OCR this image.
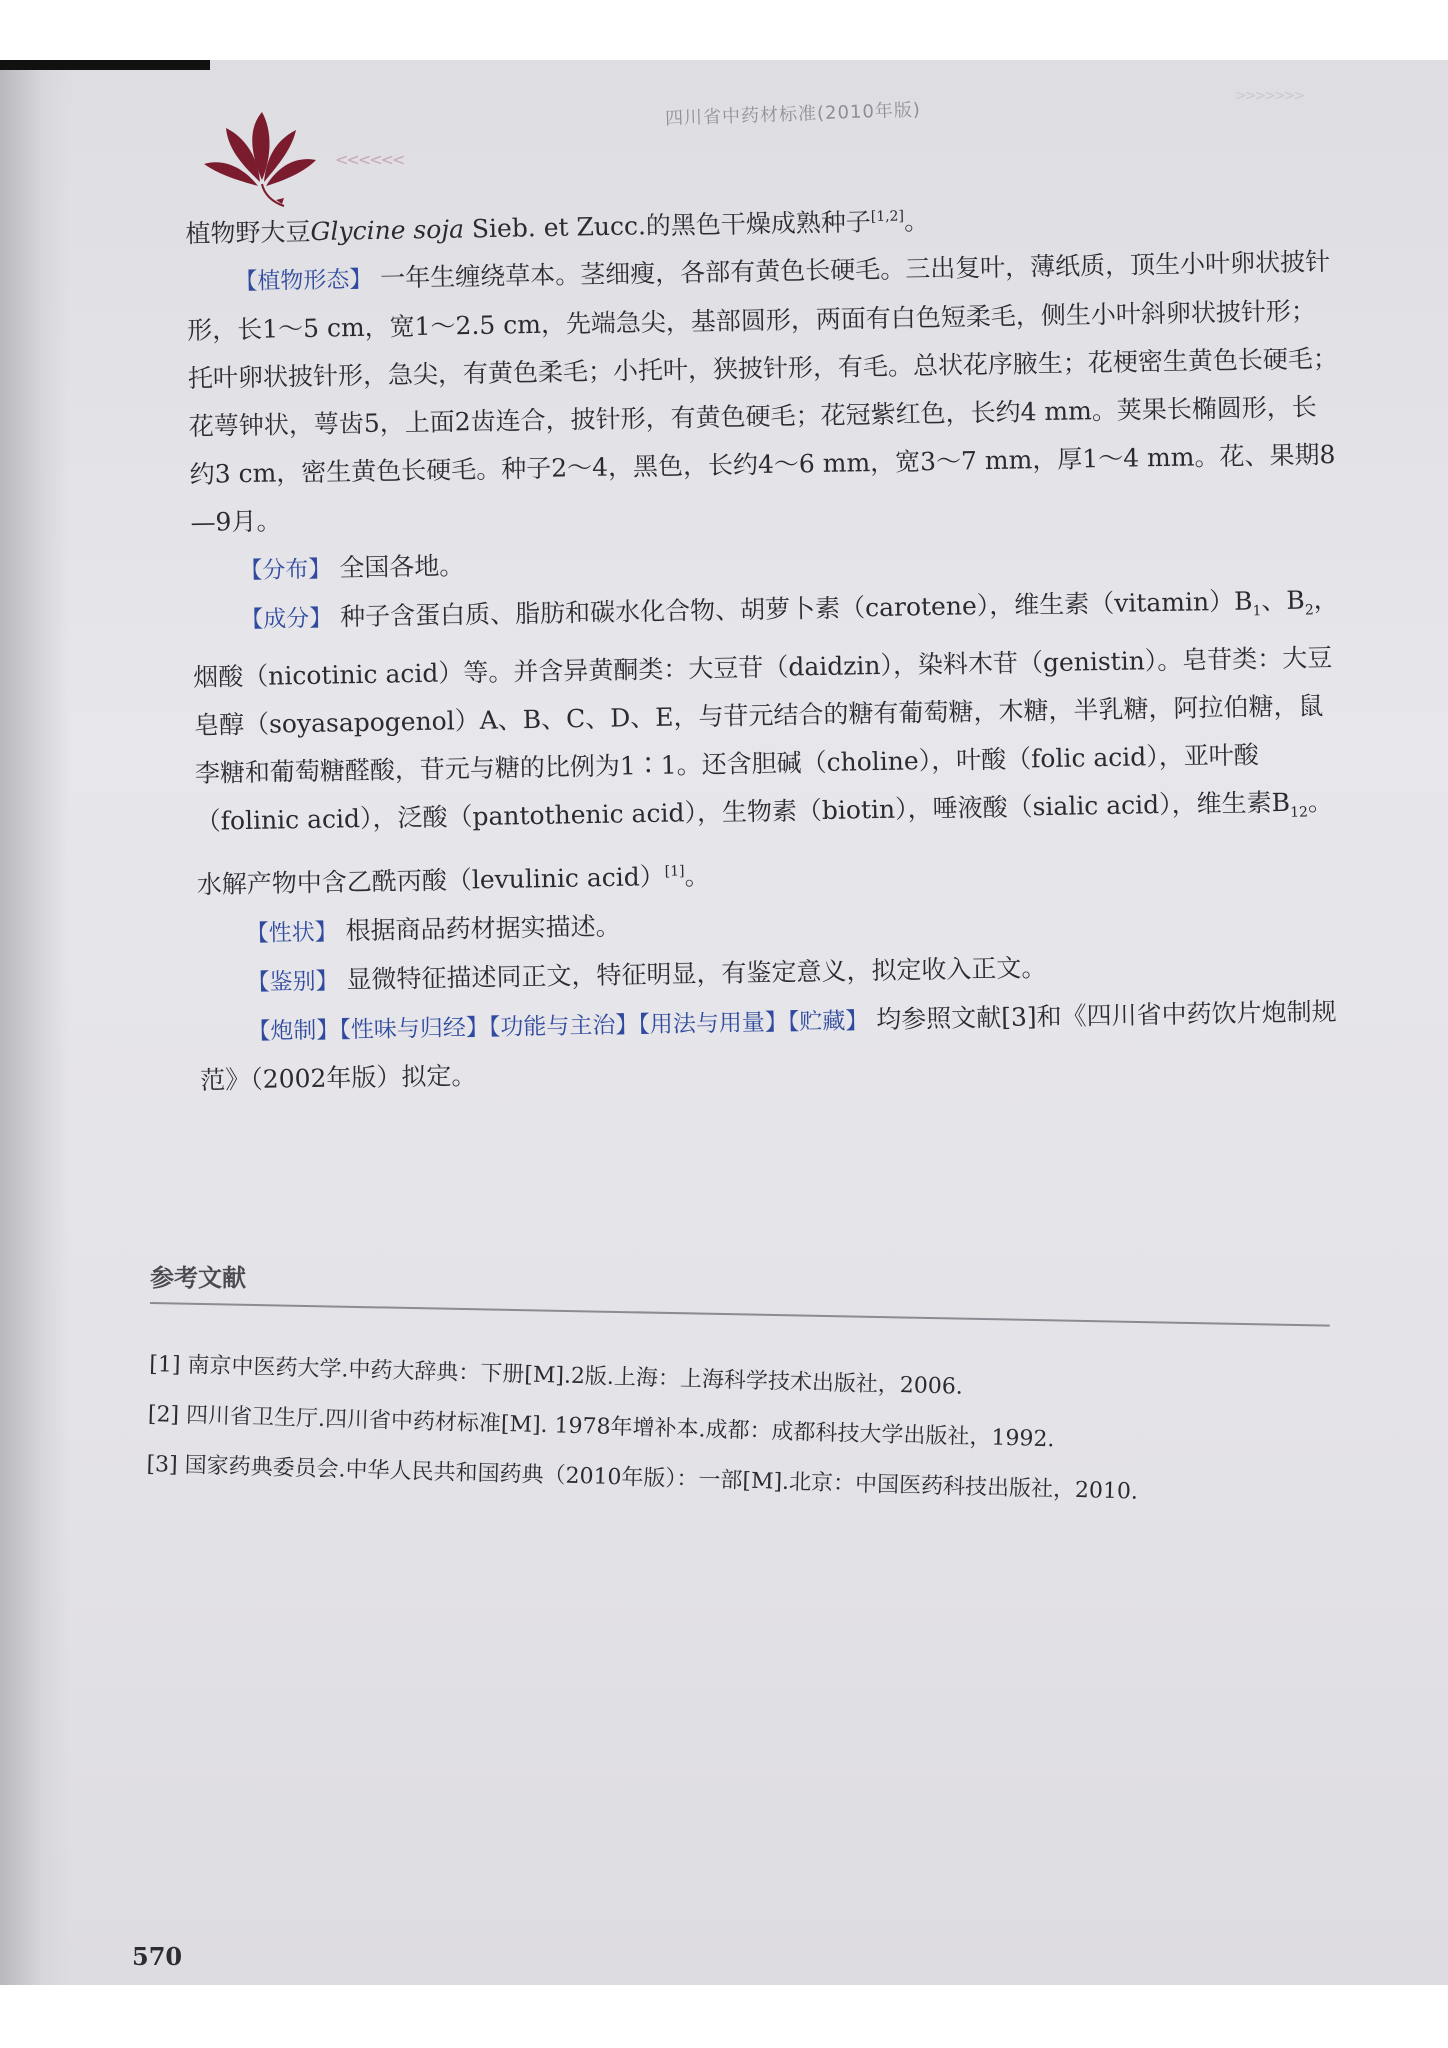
<<<<<<
四川省中药材标准(2010年版)
>>>>>>>

植物野大豆Glycine soja Sieb. et Zucc.的黑色干燥成熟种子[1,2]。

【植物形态】 一年生缠绕草本。茎细瘦，各部有黄色长硬毛。三出复叶，薄纸质，顶生小叶卵状披针形，长1～5 cm，宽1～2.5 cm，先端急尖，基部圆形，两面有白色短柔毛，侧生小叶斜卵状披针形；托叶卵状披针形，急尖，有黄色柔毛；小托叶，狭披针形，有毛。总状花序腋生；花梗密生黄色长硬毛；花萼钟状，萼齿5，上面2齿连合，披针形，有黄色硬毛；花冠紫红色，长约4 mm。荚果长椭圆形，长约3 cm，密生黄色长硬毛。种子2～4，黑色，长约4～6 mm，宽3～7 mm，厚1～4 mm。花、果期8—9月。

【分布】 全国各地。

【成分】 种子含蛋白质、脂肪和碳水化合物、胡萝卜素（carotene），维生素$(vitamin)B_1$、$B_2$，烟酸（nicotinic acid）等。并含异黄酮类：大豆苷（daidzin），染料木苷（genistin）。皂苷类：大豆皂醇（soyasapogenol）A、B、C、D、E，与苷元结合的糖有葡萄糖，木糖，半乳糖，阿拉伯糖，鼠李糖和葡萄糖醛酸，苷元与糖的比例为1∶1。还含胆碱（choline），叶酸（folic acid），亚叶酸（folinic acid），泛酸（pantothenic acid），生物素（biotin），唾液酸（sialic acid），维生素$B_{12}$。水解产物中含乙酰丙酸（levulinic acid）[1]。

【性状】 根据商品药材据实描述。

【鉴别】 显微特征描述同正文，特征明显，有鉴定意义，拟定收入正文。

【炮制】【性味与归经】【功能与主治】【用法与用量】【贮藏】 均参照文献[3]和《四川省中药饮片炮制规范》（2002年版）拟定。

参考文献

[1] 南京中医药大学.中药大辞典：下册[M].2版.上海：上海科学技术出版社，2006.

[2] 四川省卫生厅.四川省中药材标准[M]. 1978年增补本.成都：成都科技大学出版社，1992.

[3] 国家药典委员会.中华人民共和国药典（2010年版）：一部[M].北京：中国医药科技出版社，2010.

570
